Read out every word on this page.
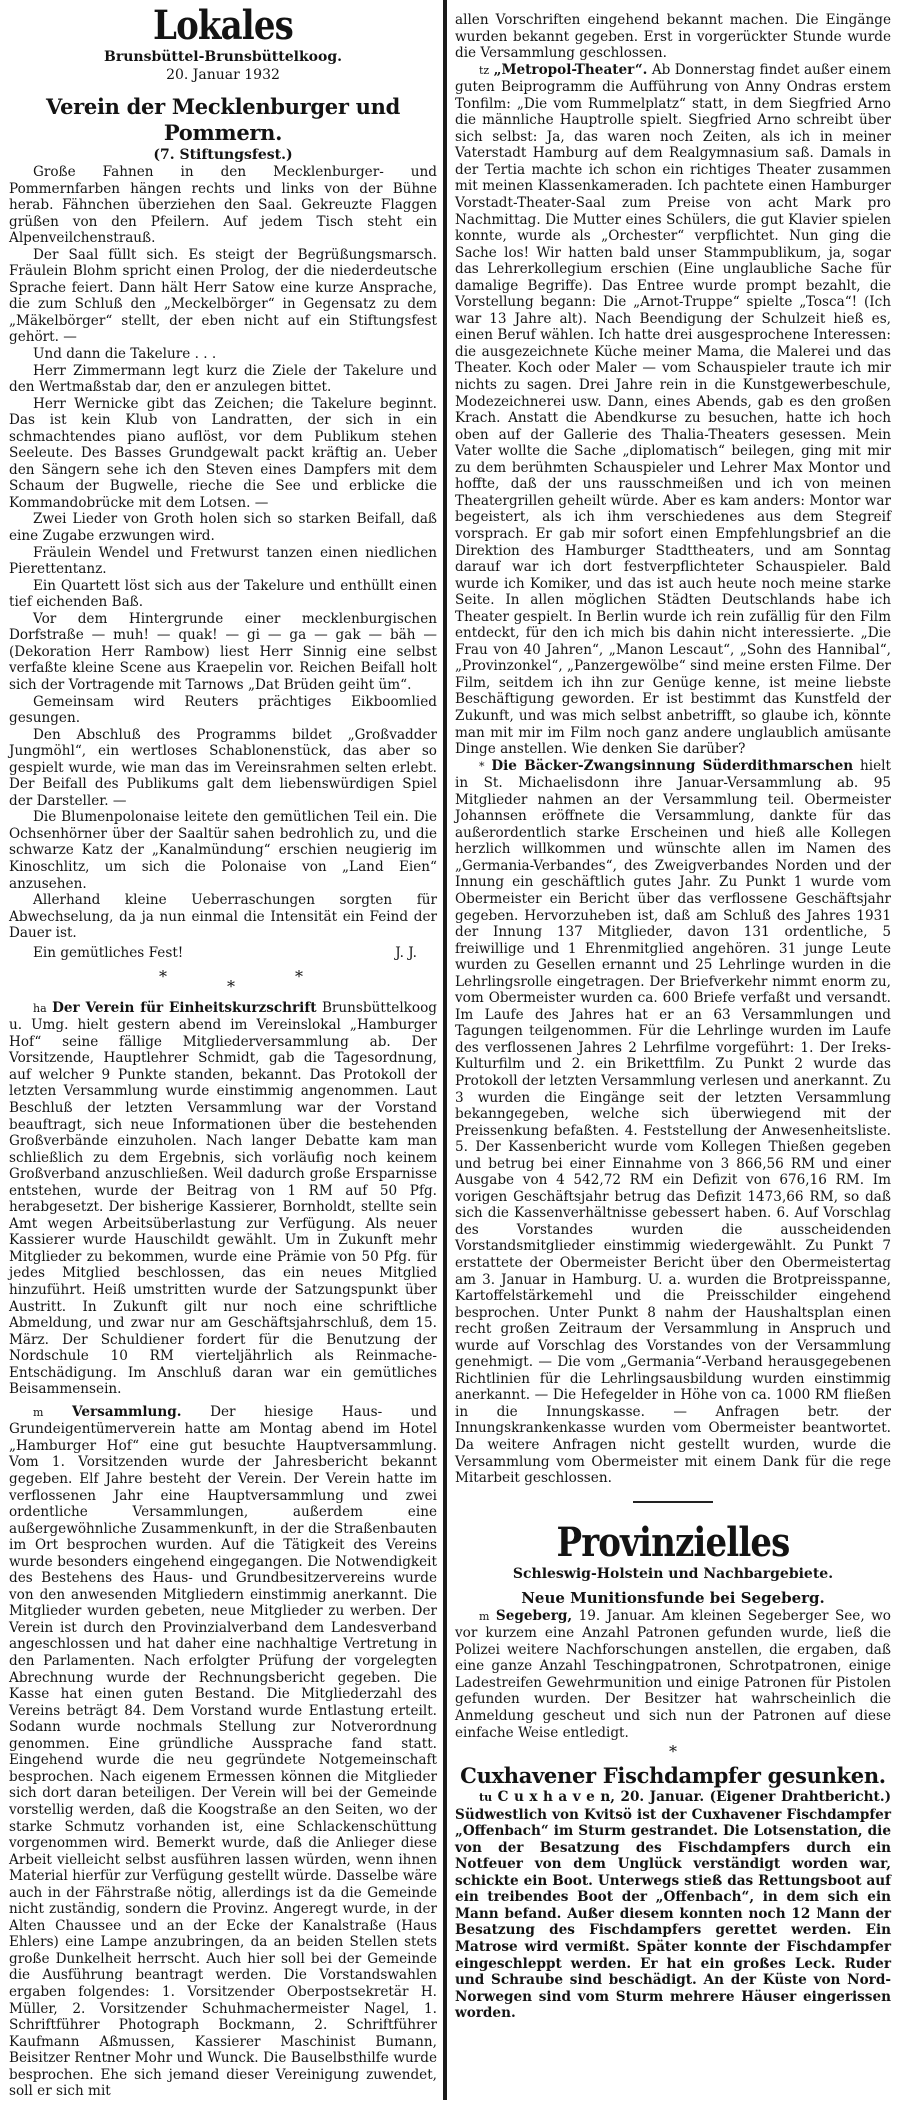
Lokales
Brunsbüttel-Brunsbüttelkoog.
20. Januar 1932
Verein der Mecklenburger und Pommern.
(7. Stiftungsfest.)

Große Fahnen in den Mecklenburger- und Pommernfarben hängen rechts und links von der Bühne herab. Fähnchen überziehen den Saal. Gekreuzte Flaggen grüßen von den Pfeilern. Auf jedem Tisch steht ein Alpenveilchenstrauß.

Der Saal füllt sich. Es steigt der Begrüßungsmarsch. Fräulein Blohm spricht einen Prolog, der die niederdeutsche Sprache feiert. Dann hält Herr Satow eine kurze Ansprache, die zum Schluß den „Meckelbörger“ in Gegensatz zu dem „Mäkelbörger“ stellt, der eben nicht auf ein Stiftungsfest gehört. —

Und dann die Takelure . . .

Herr Zimmermann legt kurz die Ziele der Takelure und den Wertmaßstab dar, den er anzulegen bittet.

Herr Wernicke gibt das Zeichen; die Takelure beginnt. Das ist kein Klub von Landratten, der sich in ein schmachtendes piano auflöst, vor dem Publikum stehen Seeleute. Des Basses Grundgewalt packt kräftig an. Ueber den Sängern sehe ich den Steven eines Dampfers mit dem Schaum der Bugwelle, rieche die See und erblicke die Kommandobrücke mit dem Lotsen. —

Zwei Lieder von Groth holen sich so starken Beifall, daß eine Zugabe erzwungen wird.

Fräulein Wendel und Fretwurst tanzen einen niedlichen Pierettentanz.

Ein Quartett löst sich aus der Takelure und enthüllt einen tief eichenden Baß.

Vor dem Hintergrunde einer mecklenburgischen Dorfstraße — muh! — quak! — gi — ga — gak — bäh — (Dekoration Herr Rambow) liest Herr Sinnig eine selbst verfaßte kleine Scene aus Kraepelin vor. Reichen Beifall holt sich der Vortragende mit Tarnows „Dat Brüden geiht üm“.

Gemeinsam wird Reuters prächtiges Eikboomlied gesungen.

Den Abschluß des Programms bildet „Großvadder Jungmöhl“, ein wertloses Schablonenstück, das aber so gespielt wurde, wie man das im Vereinsrahmen selten erlebt. Der Beifall des Publikums galt dem liebenswürdigen Spiel der Darsteller. —

Die Blumenpolonaise leitete den gemütlichen Teil ein. Die Ochsenhörner über der Saaltür sahen bedrohlich zu, und die schwarze Katz der „Kanalmündung“ erschien neugierig im Kinoschlitz, um sich die Polonaise von „Land Eien“ anzusehen.

Allerhand kleine Ueberraschungen sorgten für Abwechselung, da ja nun einmal die Intensität ein Feind der Dauer ist.

Ein gemütliches Fest!	J. J.
*
*
*

ha Der Verein für Einheitskurzschrift Brunsbüttelkoog u. Umg. hielt gestern abend im Vereinslokal „Hamburger Hof“ seine fällige Mitgliederversammlung ab. Der Vorsitzende, Hauptlehrer Schmidt, gab die Tagesordnung, auf welcher 9 Punkte standen, bekannt. Das Protokoll der letzten Versammlung wurde einstimmig angenommen. Laut Beschluß der letzten Versammlung war der Vorstand beauftragt, sich neue Informationen über die bestehenden Großverbände einzuholen. Nach langer Debatte kam man schließlich zu dem Ergebnis, sich vorläufig noch keinem Großverband anzuschließen. Weil dadurch große Ersparnisse entstehen, wurde der Beitrag von 1 RM auf 50 Pfg. herabgesetzt. Der bisherige Kassierer, Bornholdt, stellte sein Amt wegen Arbeitsüberlastung zur Verfügung. Als neuer Kassierer wurde Hauschildt gewählt. Um in Zukunft mehr Mitglieder zu bekommen, wurde eine Prämie von 50 Pfg. für jedes Mitglied beschlossen, das ein neues Mitglied hinzuführt. Heiß umstritten wurde der Satzungspunkt über Austritt. In Zukunft gilt nur noch eine schriftliche Abmeldung, und zwar nur am Geschäftsjahrschluß, dem 15. März. Der Schuldiener fordert für die Benutzung der Nordschule 10 RM vierteljährlich als Reinmache-Entschädigung. Im Anschluß daran war ein gemütliches Beisammensein.

m Versammlung. Der hiesige Haus- und Grundeigentümerverein hatte am Montag abend im Hotel „Hamburger Hof“ eine gut besuchte Hauptversammlung. Vom 1. Vorsitzenden wurde der Jahresbericht bekannt gegeben. Elf Jahre besteht der Verein. Der Verein hatte im verflossenen Jahr eine Hauptversammlung und zwei ordentliche Versammlungen, außerdem eine außergewöhnliche Zusammenkunft, in der die Straßenbauten im Ort besprochen wurden. Auf die Tätigkeit des Vereins wurde besonders eingehend eingegangen. Die Notwendigkeit des Bestehens des Haus- und Grundbesitzervereins wurde von den anwesenden Mitgliedern einstimmig anerkannt. Die Mitglieder wurden gebeten, neue Mitglieder zu werben. Der Verein ist durch den Provinzialverband dem Landesverband angeschlossen und hat daher eine nachhaltige Vertretung in den Parlamenten. Nach erfolgter Prüfung der vorgelegten Abrechnung wurde der Rechnungsbericht gegeben. Die Kasse hat einen guten Bestand. Die Mitgliederzahl des Vereins beträgt 84. Dem Vorstand wurde Entlastung erteilt. Sodann wurde nochmals Stellung zur Notverordnung genommen. Eine gründliche Aussprache fand statt. Eingehend wurde die neu gegründete Notgemeinschaft besprochen. Nach eigenem Ermessen können die Mitglieder sich dort daran beteiligen. Der Verein will bei der Gemeinde vorstellig werden, daß die Koogstraße an den Seiten, wo der starke Schmutz vorhanden ist, eine Schlackenschüttung vorgenommen wird. Bemerkt wurde, daß die Anlieger diese Arbeit vielleicht selbst ausführen lassen würden, wenn ihnen Material hierfür zur Verfügung gestellt würde. Dasselbe wäre auch in der Fährstraße nötig, allerdings ist da die Gemeinde nicht zuständig, sondern die Provinz. Angeregt wurde, in der Alten Chaussee und an der Ecke der Kanalstraße (Haus Ehlers) eine Lampe anzubringen, da an beiden Stellen stets große Dunkelheit herrscht. Auch hier soll bei der Gemeinde die Ausführung beantragt werden. Die Vorstandswahlen ergaben folgendes: 1. Vorsitzender Oberpostsekretär H. Müller, 2. Vorsitzender Schuhmachermeister Nagel, 1. Schriftführer Photograph Bockmann, 2. Schriftführer Kaufmann Aßmussen, Kassierer Maschinist Bumann, Beisitzer Rentner Mohr und Wunck. Die Bauselbsthilfe wurde besprochen. Ehe sich jemand dieser Vereinigung zuwendet, soll er sich mit

allen Vorschriften eingehend bekannt machen. Die Eingänge wurden bekannt gegeben. Erst in vorgerückter Stunde wurde die Versammlung geschlossen.

tz „Metropol-Theater“. Ab Donnerstag findet außer einem guten Beiprogramm die Aufführung von Anny Ondras erstem Tonfilm: „Die vom Rummelplatz“ statt, in dem Siegfried Arno die männliche Hauptrolle spielt. Siegfried Arno schreibt über sich selbst: Ja, das waren noch Zeiten, als ich in meiner Vaterstadt Hamburg auf dem Realgymnasium saß. Damals in der Tertia machte ich schon ein richtiges Theater zusammen mit meinen Klassenkameraden. Ich pachtete einen Hamburger Vorstadt-Theater-Saal zum Preise von acht Mark pro Nachmittag. Die Mutter eines Schülers, die gut Klavier spielen konnte, wurde als „Orchester“ verpflichtet. Nun ging die Sache los! Wir hatten bald unser Stammpublikum, ja, sogar das Lehrerkollegium erschien (Eine unglaubliche Sache für damalige Begriffe). Das Entree wurde prompt bezahlt, die Vorstellung begann: Die „Arnot-Truppe“ spielte „Tosca“! (Ich war 13 Jahre alt). Nach Beendigung der Schulzeit hieß es, einen Beruf wählen. Ich hatte drei ausgesprochene Interessen: die ausgezeichnete Küche meiner Mama, die Malerei und das Theater. Koch oder Maler — vom Schauspieler traute ich mir nichts zu sagen. Drei Jahre rein in die Kunstgewerbeschule, Modezeichnerei usw. Dann, eines Abends, gab es den großen Krach. Anstatt die Abendkurse zu besuchen, hatte ich hoch oben auf der Gallerie des Thalia-Theaters gesessen. Mein Vater wollte die Sache „diplomatisch“ beilegen, ging mit mir zu dem berühmten Schauspieler und Lehrer Max Montor und hoffte, daß der uns rausschmeißen und ich von meinen Theatergrillen geheilt würde. Aber es kam anders: Montor war begeistert, als ich ihm verschiedenes aus dem Stegreif vorsprach. Er gab mir sofort einen Empfehlungsbrief an die Direktion des Hamburger Stadttheaters, und am Sonntag darauf war ich dort festverpflichteter Schauspieler. Bald wurde ich Komiker, und das ist auch heute noch meine starke Seite. In allen möglichen Städten Deutschlands habe ich Theater gespielt. In Berlin wurde ich rein zufällig für den Film entdeckt, für den ich mich bis dahin nicht interessierte. „Die Frau von 40 Jahren“, „Manon Lescaut“, „Sohn des Hannibal“, „Provinzonkel“, „Panzergewölbe“ sind meine ersten Filme. Der Film, seitdem ich ihn zur Genüge kenne, ist meine liebste Beschäftigung geworden. Er ist bestimmt das Kunstfeld der Zukunft, und was mich selbst anbetrifft, so glaube ich, könnte man mit mir im Film noch ganz andere unglaublich amüsante Dinge anstellen. Wie denken Sie darüber?

* Die Bäcker-Zwangsinnung Süderdithmarschen hielt in St. Michaelisdonn ihre Januar-Versammlung ab. 95 Mitglieder nahmen an der Versammlung teil. Obermeister Johannsen eröffnete die Versammlung, dankte für das außerordentlich starke Erscheinen und hieß alle Kollegen herzlich willkommen und wünschte allen im Namen des „Germania-Verbandes“, des Zweigverbandes Norden und der Innung ein geschäftlich gutes Jahr. Zu Punkt 1 wurde vom Obermeister ein Bericht über das verflossene Geschäftsjahr gegeben. Hervorzuheben ist, daß am Schluß des Jahres 1931 der Innung 137 Mitglieder, davon 131 ordentliche, 5 freiwillige und 1 Ehrenmitglied angehören. 31 junge Leute wurden zu Gesellen ernannt und 25 Lehrlinge wurden in die Lehrlingsrolle eingetragen. Der Briefverkehr nimmt enorm zu, vom Obermeister wurden ca. 600 Briefe verfaßt und versandt. Im Laufe des Jahres hat er an 63 Versammlungen und Tagungen teilgenommen. Für die Lehrlinge wurden im Laufe des verflossenen Jahres 2 Lehrfilme vorgeführt: 1. Der Ireks-Kulturfilm und 2. ein Brikettfilm. Zu Punkt 2 wurde das Protokoll der letzten Versammlung verlesen und anerkannt. Zu 3 wurden die Eingänge seit der letzten Versammlung bekanngegeben, welche sich überwiegend mit der Preissenkung befaßten. 4. Feststellung der Anwesenheitsliste. 5. Der Kassenbericht wurde vom Kollegen Thießen gegeben und betrug bei einer Einnahme von 3 866,56 RM und einer Ausgabe von 4 542,72 RM ein Defizit von 676,16 RM. Im vorigen Geschäftsjahr betrug das Defizit 1473,66 RM, so daß sich die Kassenverhältnisse gebessert haben. 6. Auf Vorschlag des Vorstandes wurden die ausscheidenden Vorstandsmitglieder einstimmig wiedergewählt. Zu Punkt 7 erstattete der Obermeister Bericht über den Obermeistertag am 3. Januar in Hamburg. U. a. wurden die Brotpreisspanne, Kartoffelstärkemehl und die Preisschilder eingehend besprochen. Unter Punkt 8 nahm der Haushaltsplan einen recht großen Zeitraum der Versammlung in Anspruch und wurde auf Vorschlag des Vorstandes von der Versammlung genehmigt. — Die vom „Germania“-Verband herausgegebenen Richtlinien für die Lehrlingsausbildung wurden einstimmig anerkannt. — Die Hefegelder in Höhe von ca. 1000 RM fließen in die Innungskasse. — Anfragen betr. der Innungskrankenkasse wurden vom Obermeister beantwortet. Da weitere Anfragen nicht gestellt wurden, wurde die Versammlung vom Obermeister mit einem Dank für die rege Mitarbeit geschlossen.

Provinzielles
Schleswig-Holstein und Nachbargebiete.
Neue Munitionsfunde bei Segeberg.

m Segeberg, 19. Januar. Am kleinen Segeberger See, wo vor kurzem eine Anzahl Patronen gefunden wurde, ließ die Polizei weitere Nachforschungen anstellen, die ergaben, daß eine ganze Anzahl Teschingpatronen, Schrotpatronen, einige Ladestreifen Gewehrmunition und einige Patronen für Pistolen gefunden wurden. Der Besitzer hat wahrscheinlich die Anmeldung gescheut und sich nun der Patronen auf diese einfache Weise entledigt.

*
Cuxhavener Fischdampfer gesunken.

tu C u x h a v e n, 20. Januar. (Eigener Drahtbericht.) Südwestlich von Kvitsö ist der Cuxhavener Fischdampfer „Offenbach“ im Sturm gestrandet. Die Lotsenstation, die von der Besatzung des Fischdampfers durch ein Notfeuer von dem Unglück verständigt worden war, schickte ein Boot. Unterwegs stieß das Rettungsboot auf ein treibendes Boot der „Offenbach“, in dem sich ein Mann befand. Außer diesem konnten noch 12 Mann der Besatzung des Fischdampfers gerettet werden. Ein Matrose wird vermißt. Später konnte der Fischdampfer eingeschleppt werden. Er hat ein großes Leck. Ruder und Schraube sind beschädigt. An der Küste von Nord-Norwegen sind vom Sturm mehrere Häuser eingerissen worden.
